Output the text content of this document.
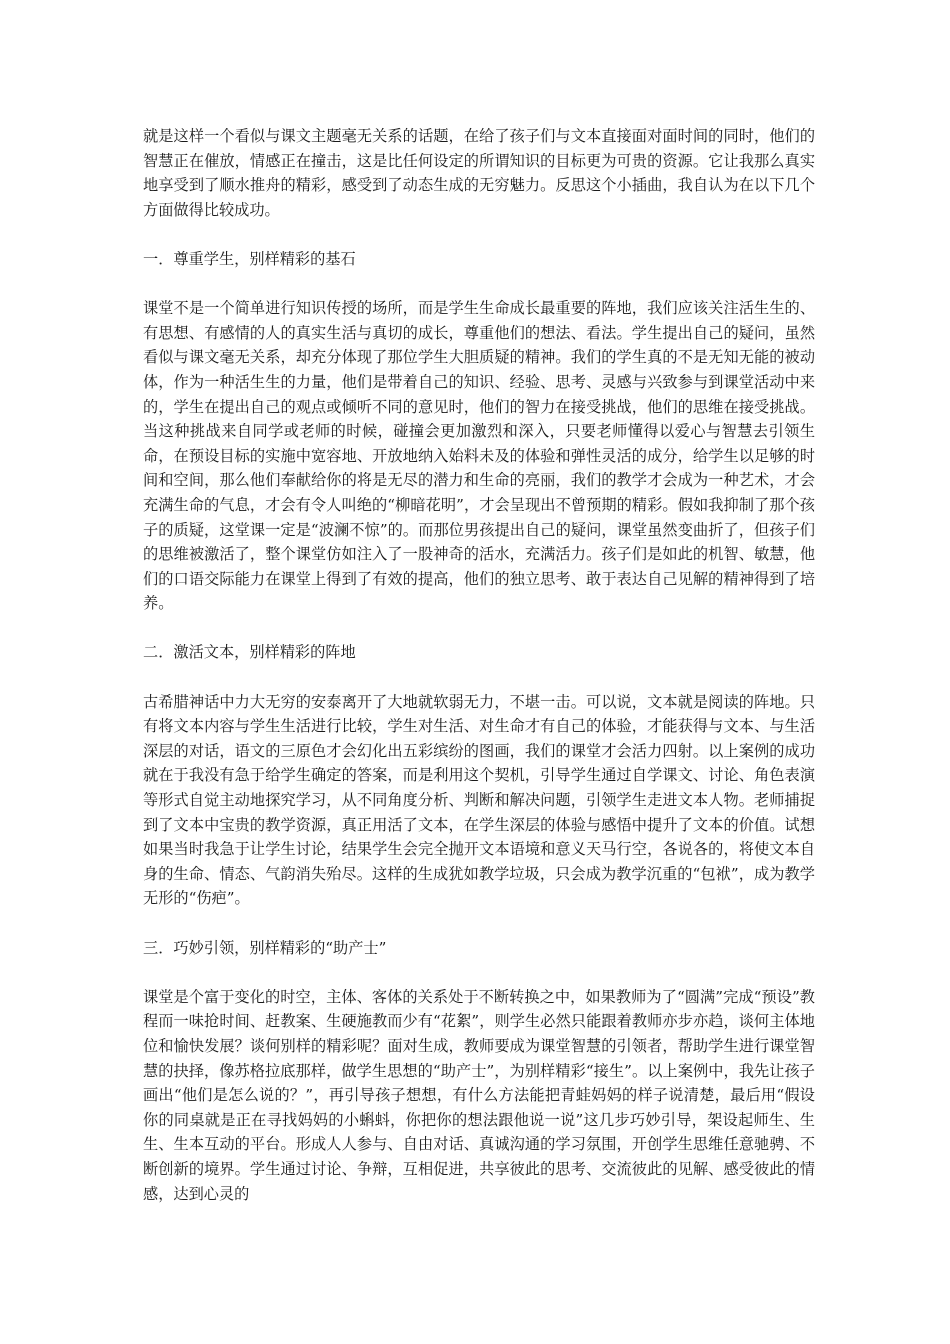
就是这样一个看似与课文主题毫无关系的话题，在给了孩子们与文本直接面对面时间的同时，他们的智慧正在催放，情感正在撞击，这是比任何设定的所谓知识的目标更为可贵的资源。它让我那么真实地享受到了顺水推舟的精彩，感受到了动态生成的无穷魅力。反思这个小插曲，我自认为在以下几个方面做得比较成功。

一．尊重学生，别样精彩的基石

课堂不是一个简单进行知识传授的场所，而是学生生命成长最重要的阵地，我们应该关注活生生的、有思想、有感情的人的真实生活与真切的成长，尊重他们的想法、看法。学生提出自己的疑问，虽然看似与课文毫无关系，却充分体现了那位学生大胆质疑的精神。我们的学生真的不是无知无能的被动体，作为一种活生生的力量，他们是带着自己的知识、经验、思考、灵感与兴致参与到课堂活动中来的，学生在提出自己的观点或倾听不同的意见时，他们的智力在接受挑战，他们的思维在接受挑战。当这种挑战来自同学或老师的时候，碰撞会更加激烈和深入，只要老师懂得以爱心与智慧去引领生命，在预设目标的实施中宽容地、开放地纳入始料未及的体验和弹性灵活的成分，给学生以足够的时间和空间，那么他们奉献给你的将是无尽的潜力和生命的亮丽，我们的教学才会成为一种艺术，才会充满生命的气息，才会有令人叫绝的“柳暗花明”，才会呈现出不曾预期的精彩。假如我抑制了那个孩子的质疑，这堂课一定是“波澜不惊”的。而那位男孩提出自己的疑问，课堂虽然变曲折了，但孩子们的思维被激活了，整个课堂仿如注入了一股神奇的活水，充满活力。孩子们是如此的机智、敏慧，他们的口语交际能力在课堂上得到了有效的提高，他们的独立思考、敢于表达自己见解的精神得到了培养。

二．激活文本，别样精彩的阵地

古希腊神话中力大无穷的安泰离开了大地就软弱无力，不堪一击。可以说，文本就是阅读的阵地。只有将文本内容与学生生活进行比较，学生对生活、对生命才有自己的体验，才能获得与文本、与生活深层的对话，语文的三原色才会幻化出五彩缤纷的图画，我们的课堂才会活力四射。以上案例的成功就在于我没有急于给学生确定的答案，而是利用这个契机，引导学生通过自学课文、讨论、角色表演等形式自觉主动地探究学习，从不同角度分析、判断和解决问题，引领学生走进文本人物。老师捕捉到了文本中宝贵的教学资源，真正用活了文本，在学生深层的体验与感悟中提升了文本的价值。试想如果当时我急于让学生讨论，结果学生会完全抛开文本语境和意义天马行空，各说各的，将使文本自身的生命、情态、气韵消失殆尽。这样的生成犹如教学垃圾，只会成为教学沉重的“包袱”，成为教学无形的“伤疤”。

三．巧妙引领，别样精彩的“助产士”

课堂是个富于变化的时空，主体、客体的关系处于不断转换之中，如果教师为了“圆满”完成“预设”教程而一味抢时间、赶教案、生硬施教而少有“花絮”，则学生必然只能跟着教师亦步亦趋，谈何主体地位和愉快发展？谈何别样的精彩呢？面对生成，教师要成为课堂智慧的引领者，帮助学生进行课堂智慧的抉择，像苏格拉底那样，做学生思想的“助产士”，为别样精彩“接生”。以上案例中，我先让孩子画出“他们是怎么说的？”，再引导孩子想想，有什么方法能把青蛙妈妈的样子说清楚，最后用“假设你的同桌就是正在寻找妈妈的小蝌蚪，你把你的想法跟他说一说”这几步巧妙引导，架设起师生、生生、生本互动的平台。形成人人参与、自由对话、真诚沟通的学习氛围，开创学生思维任意驰骋、不断创新的境界。学生通过讨论、争辩，互相促进，共享彼此的思考、交流彼此的见解、感受彼此的情感，达到心灵的
